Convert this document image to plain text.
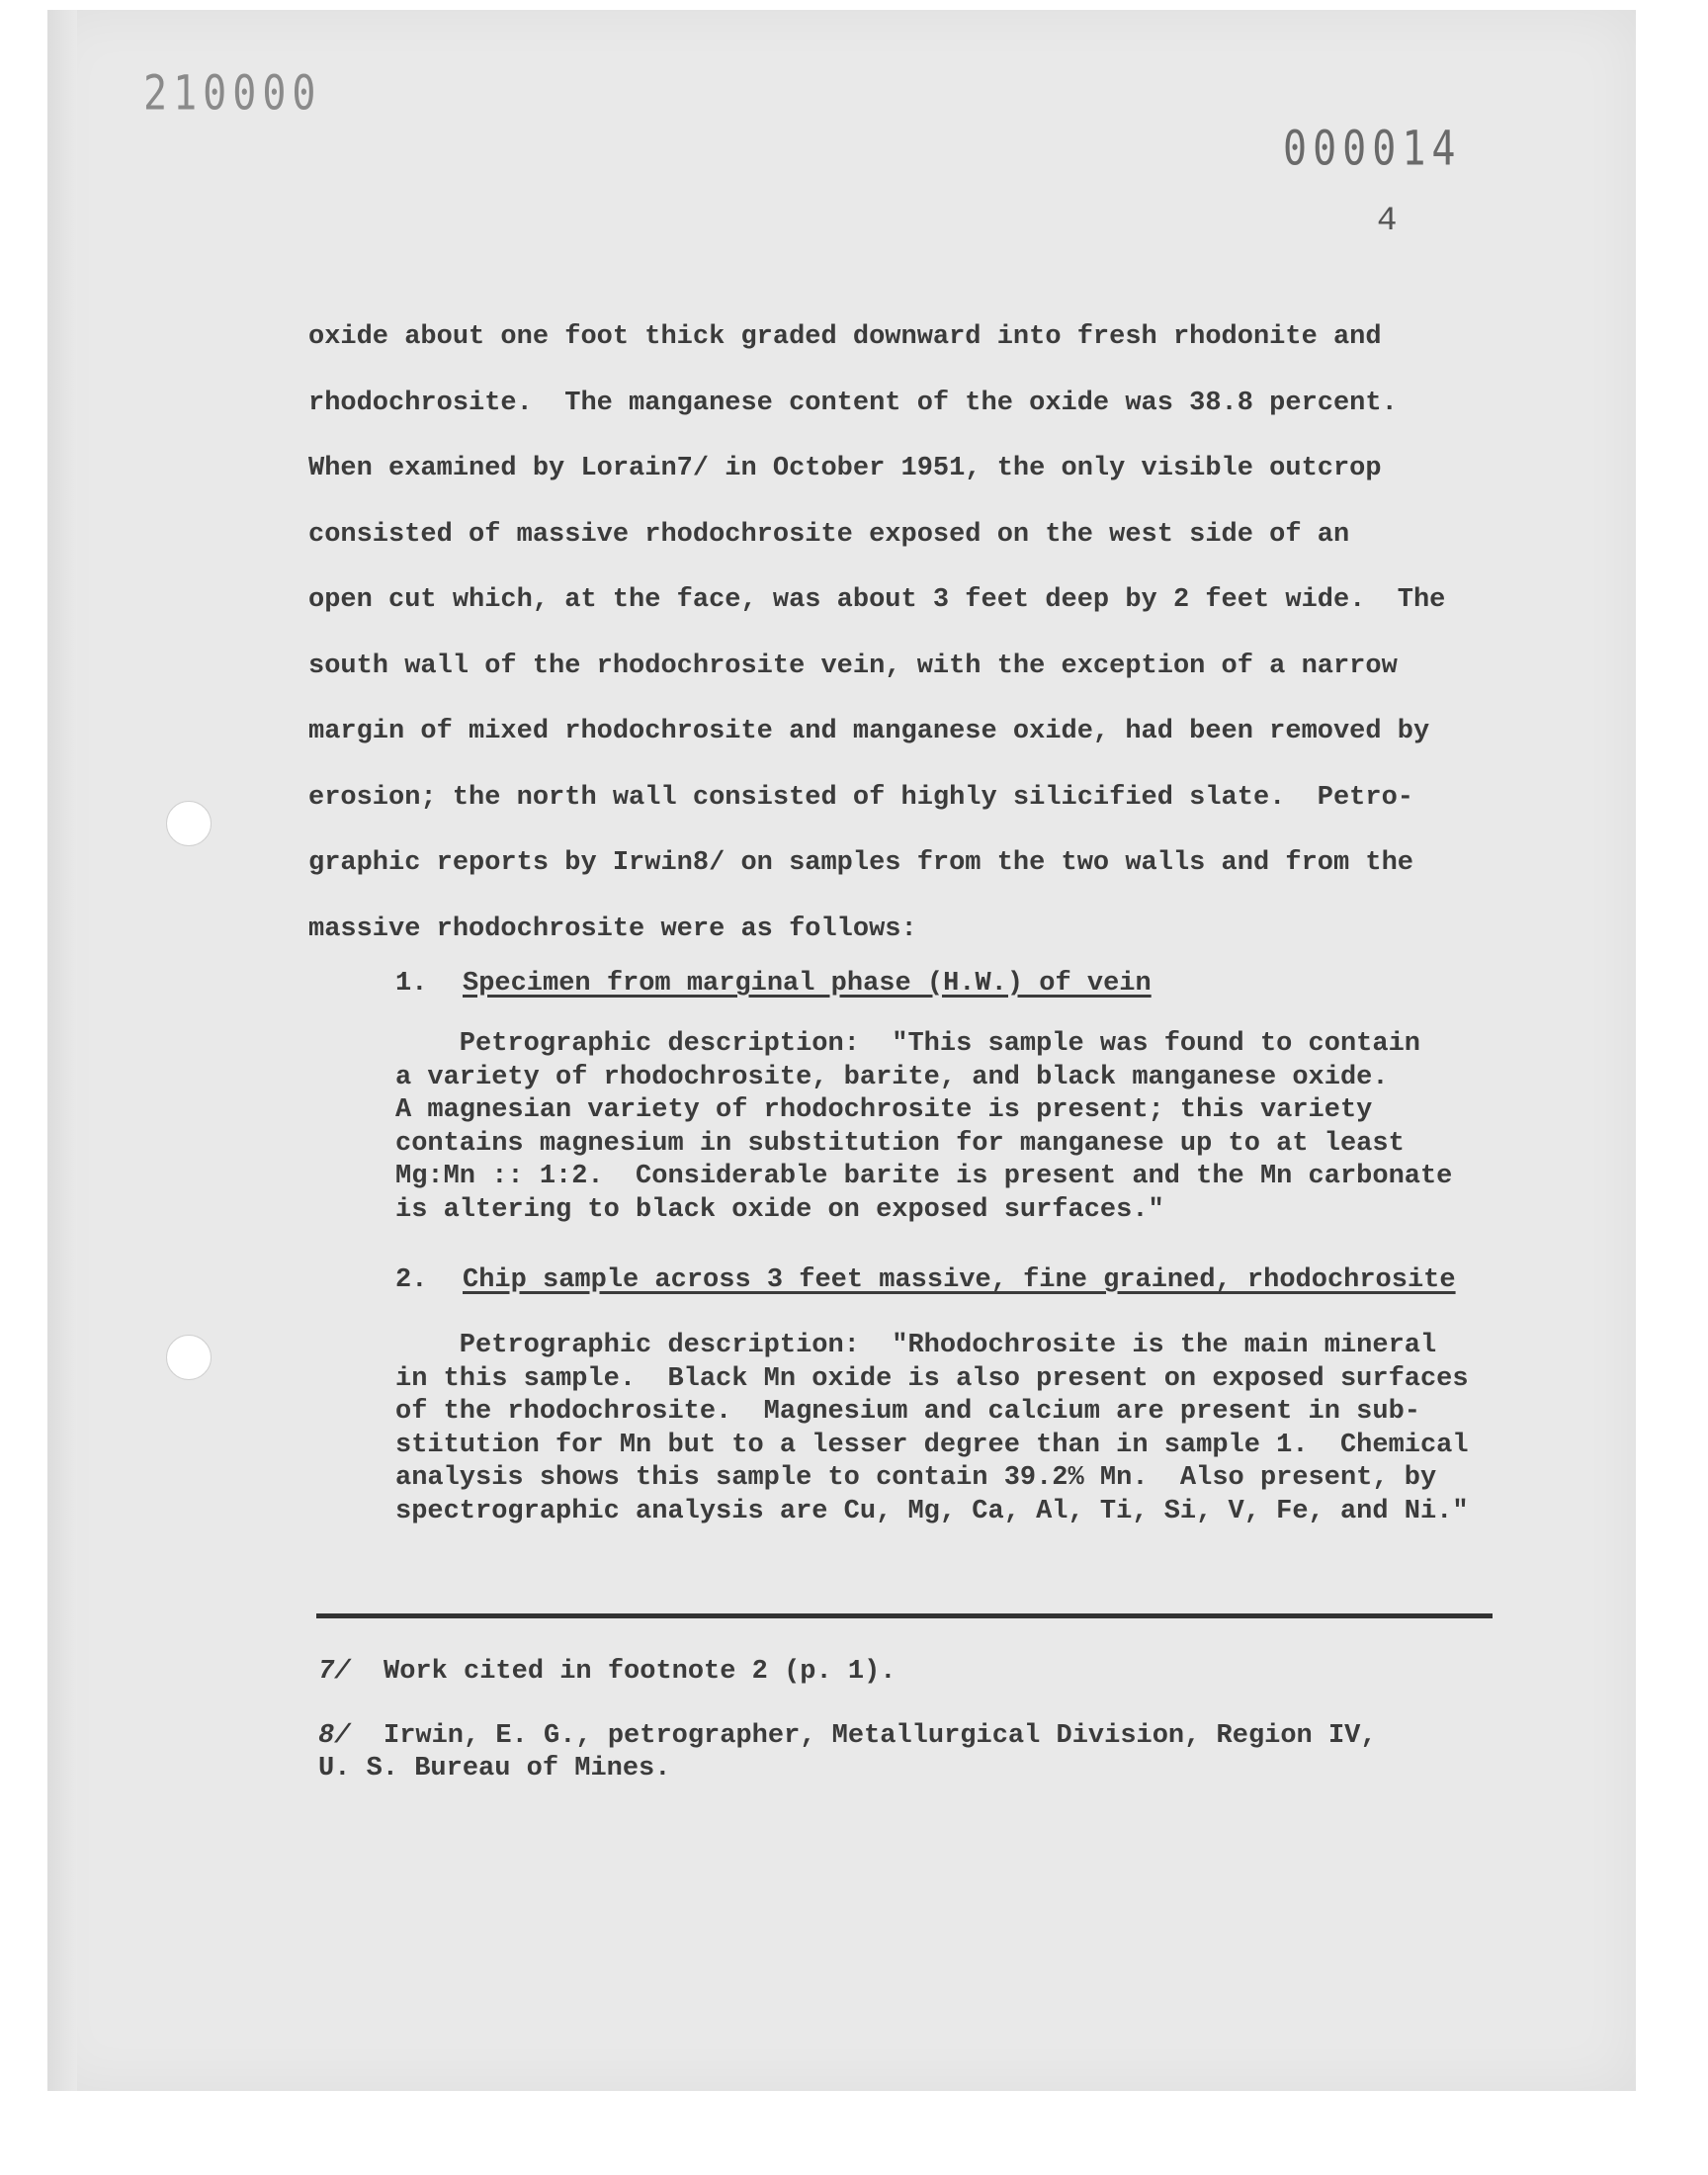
210000
000014
4
oxide about one foot thick graded downward into fresh rhodonite and
rhodochrosite.  The manganese content of the oxide was 38.8 percent.
When examined by Lorain7/ in October 1951, the only visible outcrop
consisted of massive rhodochrosite exposed on the west side of an
open cut which, at the face, was about 3 feet deep by 2 feet wide.  The
south wall of the rhodochrosite vein, with the exception of a narrow
margin of mixed rhodochrosite and manganese oxide, had been removed by
erosion; the north wall consisted of highly silicified slate.  Petro-
graphic reports by Irwin8/ on samples from the two walls and from the
massive rhodochrosite were as follows:
1. Specimen from marginal phase (H.W.) of vein
Petrographic description:  "This sample was found to contain
a variety of rhodochrosite, barite, and black manganese oxide.
A magnesian variety of rhodochrosite is present; this variety
contains magnesium in substitution for manganese up to at least
Mg:Mn :: 1:2.  Considerable barite is present and the Mn carbonate
is altering to black oxide on exposed surfaces."
2. Chip sample across 3 feet massive, fine grained, rhodochrosite
Petrographic description:  "Rhodochrosite is the main mineral
in this sample.  Black Mn oxide is also present on exposed surfaces
of the rhodochrosite.  Magnesium and calcium are present in sub-
stitution for Mn but to a lesser degree than in sample 1.  Chemical
analysis shows this sample to contain 39.2% Mn.  Also present, by
spectrographic analysis are Cu, Mg, Ca, Al, Ti, Si, V, Fe, and Ni."
7/ Work cited in footnote 2 (p. 1).
8/ Irwin, E. G., petrographer, Metallurgical Division, Region IV,
U. S. Bureau of Mines.
